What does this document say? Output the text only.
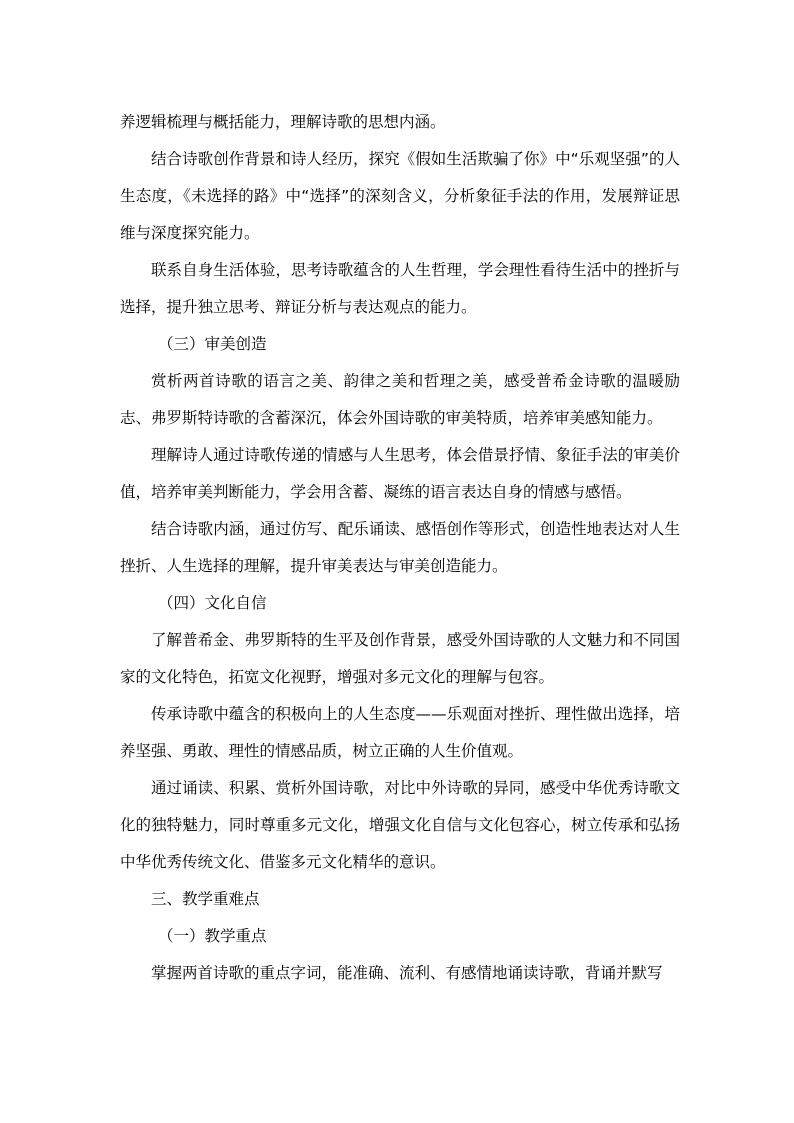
养逻辑梳理与概括能力，理解诗歌的思想内涵。

结合诗歌创作背景和诗人经历，探究《假如生活欺骗了你》中“乐观坚强”的人生态度，《未选择的路》中“选择”的深刻含义，分析象征手法的作用，发展辩证思维与深度探究能力。

联系自身生活体验，思考诗歌蕴含的人生哲理，学会理性看待生活中的挫折与选择，提升独立思考、辩证分析与表达观点的能力。

（三）审美创造

赏析两首诗歌的语言之美、韵律之美和哲理之美，感受普希金诗歌的温暖励志、弗罗斯特诗歌的含蓄深沉，体会外国诗歌的审美特质，培养审美感知能力。

理解诗人通过诗歌传递的情感与人生思考，体会借景抒情、象征手法的审美价值，培养审美判断能力，学会用含蓄、凝练的语言表达自身的情感与感悟。

结合诗歌内涵，通过仿写、配乐诵读、感悟创作等形式，创造性地表达对人生挫折、人生选择的理解，提升审美表达与审美创造能力。

（四）文化自信

了解普希金、弗罗斯特的生平及创作背景，感受外国诗歌的人文魅力和不同国家的文化特色，拓宽文化视野，增强对多元文化的理解与包容。

传承诗歌中蕴含的积极向上的人生态度——乐观面对挫折、理性做出选择，培养坚强、勇敢、理性的情感品质，树立正确的人生价值观。

通过诵读、积累、赏析外国诗歌，对比中外诗歌的异同，感受中华优秀诗歌文化的独特魅力，同时尊重多元文化，增强文化自信与文化包容心，树立传承和弘扬中华优秀传统文化、借鉴多元文化精华的意识。

三、教学重难点

（一）教学重点

掌握两首诗歌的重点字词，能准确、流利、有感情地诵读诗歌，背诵并默写
